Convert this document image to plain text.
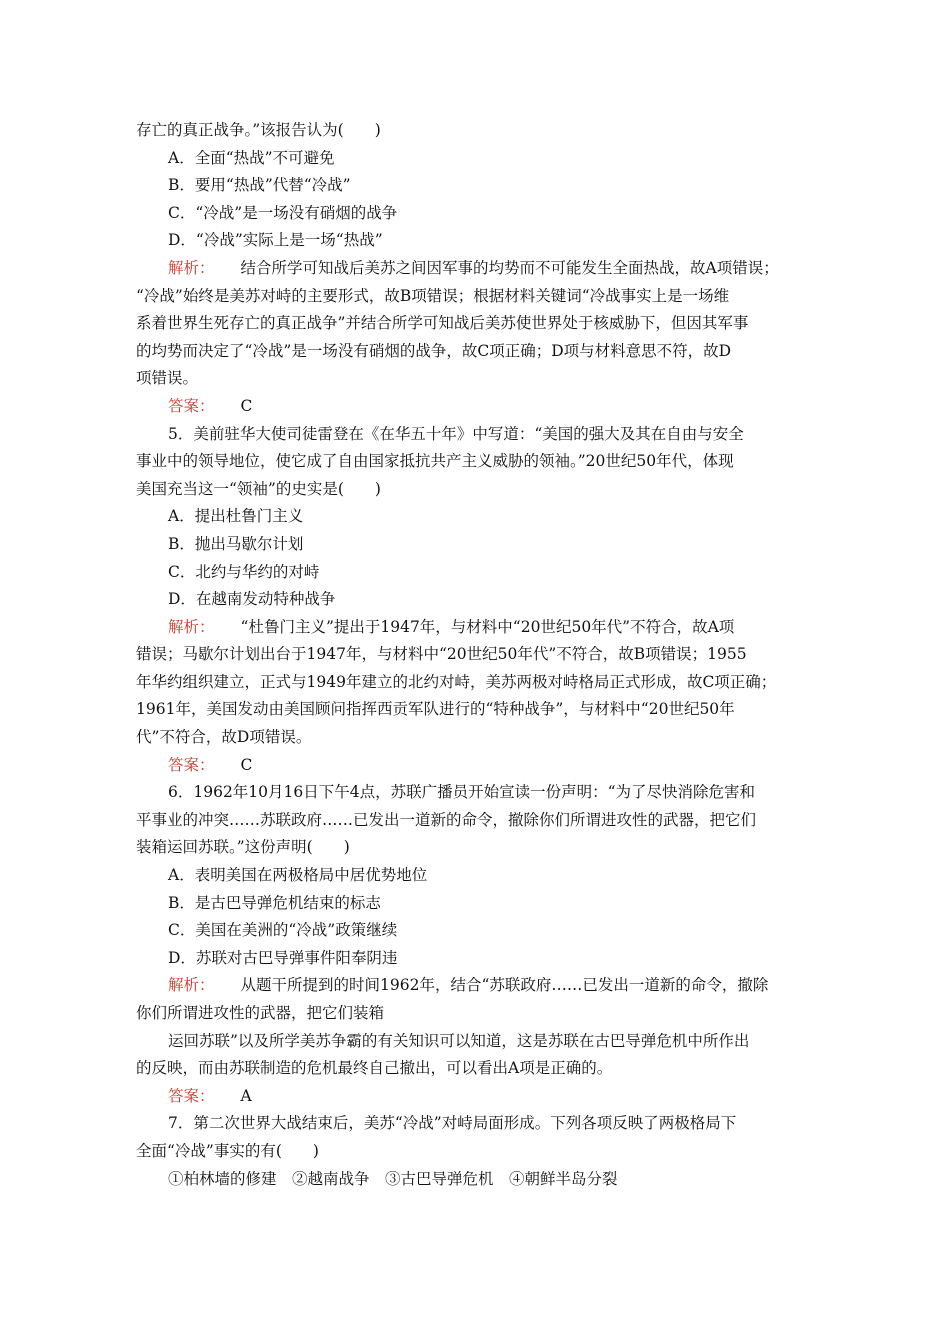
存亡的真正战争。”该报告认为(　　)
A．全面“热战”不可避免
B．要用“热战”代替“冷战”
C．“冷战”是一场没有硝烟的战争
D．“冷战”实际上是一场“热战”
解析： 结合所学可知战后美苏之间因军事的均势而不可能发生全面热战，故A项错误；
“冷战”始终是美苏对峙的主要形式，故B项错误；根据材料关键词“冷战事实上是一场维
系着世界生死存亡的真正战争”并结合所学可知战后美苏使世界处于核威胁下，但因其军事
的均势而决定了“冷战”是一场没有硝烟的战争，故C项正确；D项与材料意思不符，故D
项错误。
答案： C
5．美前驻华大使司徒雷登在《在华五十年》中写道：“美国的强大及其在自由与安全
事业中的领导地位，使它成了自由国家抵抗共产主义威胁的领袖。”20世纪50年代，体现
美国充当这一“领袖”的史实是(　　)
A．提出杜鲁门主义
B．抛出马歇尔计划
C．北约与华约的对峙
D．在越南发动特种战争
解析： “杜鲁门主义”提出于1947年，与材料中“20世纪50年代”不符合，故A项
错误；马歇尔计划出台于1947年，与材料中“20世纪50年代”不符合，故B项错误；1955
年华约组织建立，正式与1949年建立的北约对峙，美苏两极对峙格局正式形成，故C项正确；
1961年，美国发动由美国顾问指挥西贡军队进行的“特种战争”，与材料中“20世纪50年
代”不符合，故D项错误。
答案： C
6．1962年10月16日下午4点，苏联广播员开始宣读一份声明：“为了尽快消除危害和
平事业的冲突……苏联政府……已发出一道新的命令，撤除你们所谓进攻性的武器，把它们
装箱运回苏联。”这份声明(　　)
A．表明美国在两极格局中居优势地位
B．是古巴导弹危机结束的标志
C．美国在美洲的“冷战”政策继续
D．苏联对古巴导弹事件阳奉阴违
解析： 从题干所提到的时间1962年，结合“苏联政府……已发出一道新的命令，撤除
你们所谓进攻性的武器，把它们装箱
运回苏联”以及所学美苏争霸的有关知识可以知道，这是苏联在古巴导弹危机中所作出
的反映，而由苏联制造的危机最终自己撤出，可以看出A项是正确的。
答案： A
7．第二次世界大战结束后，美苏“冷战”对峙局面形成。下列各项反映了两极格局下
全面“冷战”事实的有(　　)
①柏林墙的修建　②越南战争　③古巴导弹危机　④朝鲜半岛分裂
